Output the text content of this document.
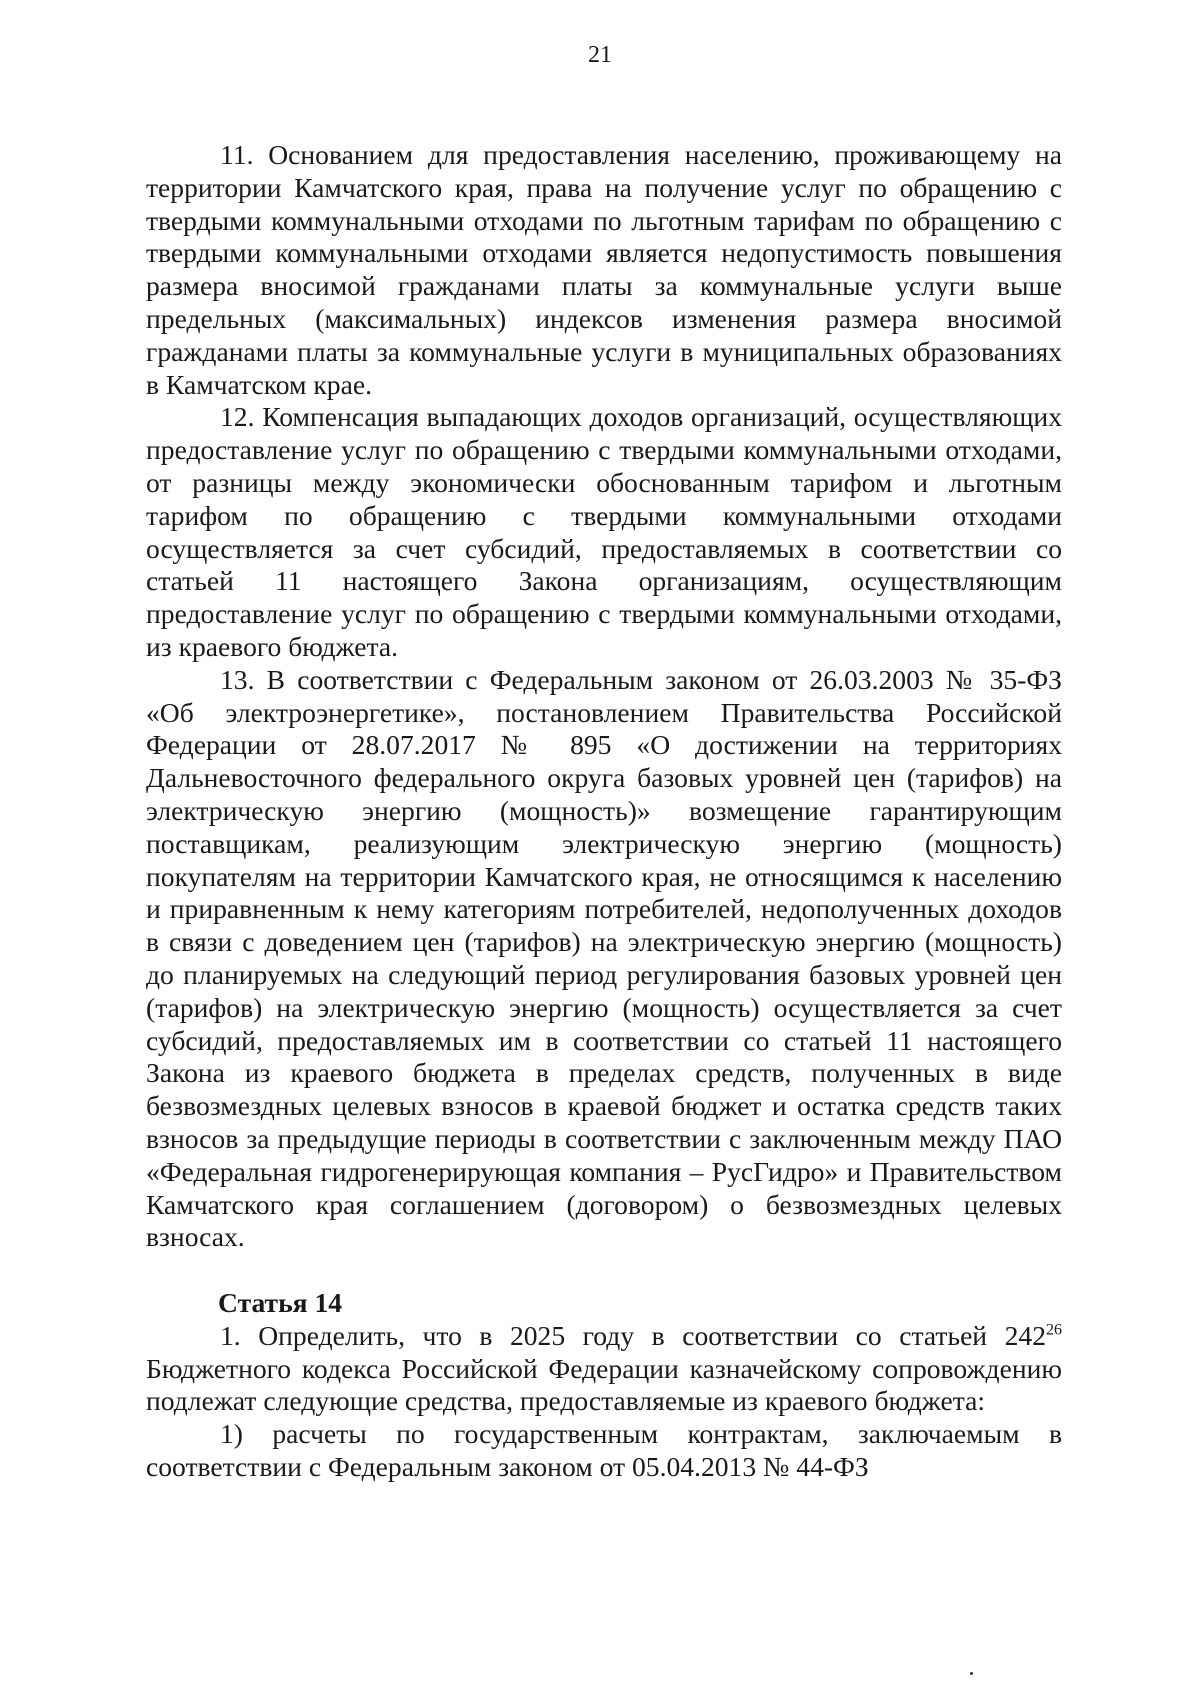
21

11. Основанием для предоставления населению, проживающему на территории Камчатского края, права на получение услуг по обращению с твердыми коммунальными отходами по льготным тарифам по обращению с твердыми коммунальными отходами является недопустимость повышения размера вносимой гражданами платы за коммунальные услуги выше предельных (максимальных) индексов изменения размера вносимой гражданами платы за коммунальные услуги в муниципальных образованиях в Камчатском крае.

12. Компенсация выпадающих доходов организаций, осуществляющих предоставление услуг по обращению с твердыми коммунальными отходами, от разницы между экономически обоснованным тарифом и льготным тарифом по обращению с твердыми коммунальными отходами осуществляется за счет субсидий, предоставляемых в соответствии со статьей 11 настоящего Закона организациям, осуществляющим предоставление услуг по обращению с твердыми коммунальными отходами, из краевого бюджета.

13. В соответствии с Федеральным законом от 26.03.2003 № 35-ФЗ «Об электроэнергетике», постановлением Правительства Российской Федерации от 28.07.2017 № 895 «О достижении на территориях Дальневосточного федерального округа базовых уровней цен (тарифов) на электрическую энергию (мощность)» возмещение гарантирующим поставщикам, реализующим электрическую энергию (мощность) покупателям на территории Камчатского края, не относящимся к населению и приравненным к нему категориям потребителей, недополученных доходов в связи с доведением цен (тарифов) на электрическую энергию (мощность) до планируемых на следующий период регулирования базовых уровней цен (тарифов) на электрическую энергию (мощность) осуществляется за счет субсидий, предоставляемых им в соответствии со статьей 11 настоящего Закона из краевого бюджета в пределах средств, полученных в виде безвозмездных целевых взносов в краевой бюджет и остатка средств таких взносов за предыдущие периоды в соответствии с заключенным между ПАО «Федеральная гидрогенерирующая компания – РусГидро» и Правительством Камчатского края соглашением (договором) о безвозмездных целевых взносах.

Статья 14

1. Определить, что в 2025 году в соответствии со статьей $242^{26}$ Бюджетного кодекса Российской Федерации казначейскому сопровождению подлежат следующие средства, предоставляемые из краевого бюджета:

1) расчеты по государственным контрактам, заключаемым в соответствии с Федеральным законом от 05.04.2013 № 44-ФЗ
